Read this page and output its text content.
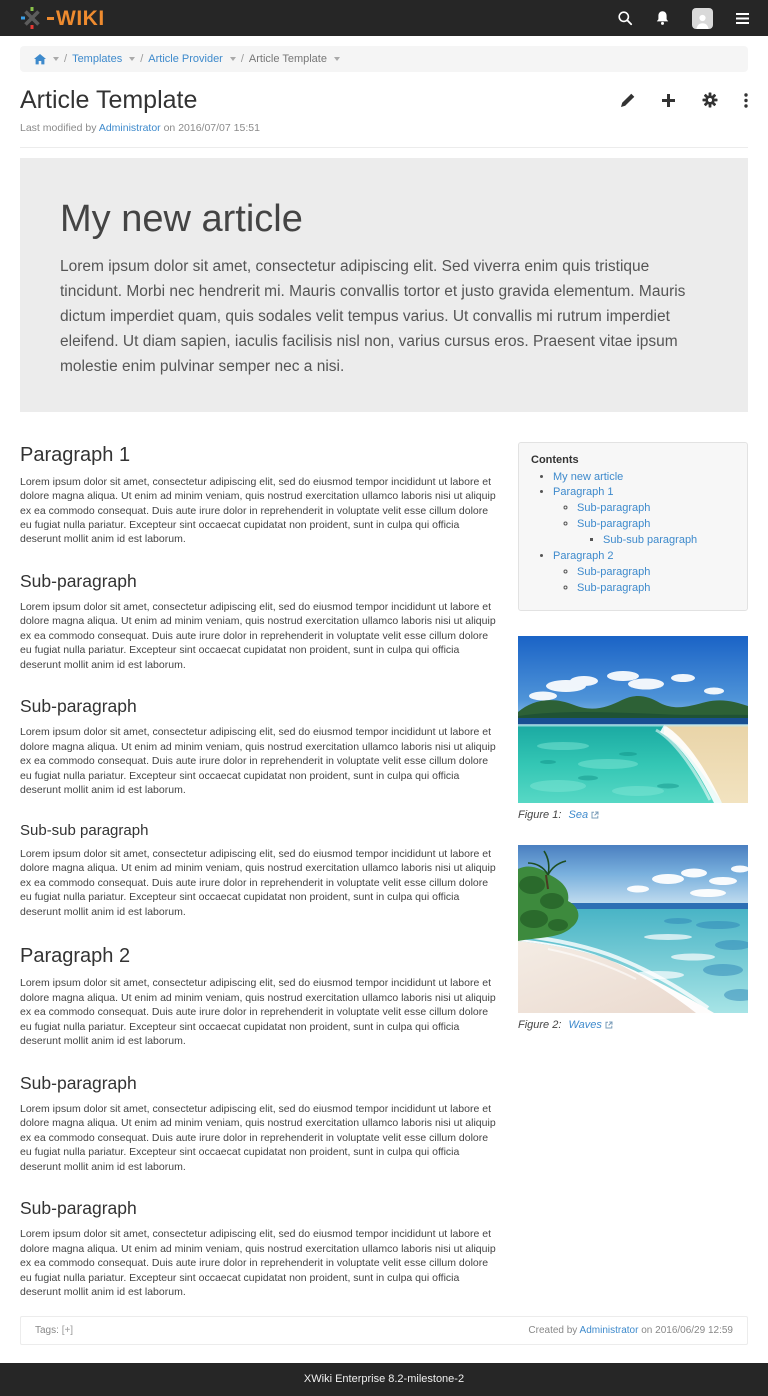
WIKI
/ Templates / Article Provider / Article Template
Article Template
Last modified by Administrator on 2016/07/07 15:51
My new article

Lorem ipsum dolor sit amet, consectetur adipiscing elit. Sed viverra enim quis tristique tincidunt. Morbi nec hendrerit mi. Mauris convallis tortor et justo gravida elementum. Mauris dictum imperdiet quam, quis sodales velit tempus varius. Ut convallis mi rutrum imperdiet eleifend. Ut diam sapien, iaculis facilisis nisl non, varius cursus eros. Praesent vitae ipsum molestie enim pulvinar semper nec a nisi.

Paragraph 1

Lorem ipsum dolor sit amet, consectetur adipiscing elit, sed do eiusmod tempor incididunt ut labore et dolore magna aliqua. Ut enim ad minim veniam, quis nostrud exercitation ullamco laboris nisi ut aliquip ex ea commodo consequat. Duis aute irure dolor in reprehenderit in voluptate velit esse cillum dolore eu fugiat nulla pariatur. Excepteur sint occaecat cupidatat non proident, sunt in culpa qui officia deserunt mollit anim id est laborum.

Sub-paragraph

Lorem ipsum dolor sit amet, consectetur adipiscing elit, sed do eiusmod tempor incididunt ut labore et dolore magna aliqua. Ut enim ad minim veniam, quis nostrud exercitation ullamco laboris nisi ut aliquip ex ea commodo consequat. Duis aute irure dolor in reprehenderit in voluptate velit esse cillum dolore eu fugiat nulla pariatur. Excepteur sint occaecat cupidatat non proident, sunt in culpa qui officia deserunt mollit anim id est laborum.

Sub-paragraph

Lorem ipsum dolor sit amet, consectetur adipiscing elit, sed do eiusmod tempor incididunt ut labore et dolore magna aliqua. Ut enim ad minim veniam, quis nostrud exercitation ullamco laboris nisi ut aliquip ex ea commodo consequat. Duis aute irure dolor in reprehenderit in voluptate velit esse cillum dolore eu fugiat nulla pariatur. Excepteur sint occaecat cupidatat non proident, sunt in culpa qui officia deserunt mollit anim id est laborum.

Sub-sub paragraph

Lorem ipsum dolor sit amet, consectetur adipiscing elit, sed do eiusmod tempor incididunt ut labore et dolore magna aliqua. Ut enim ad minim veniam, quis nostrud exercitation ullamco laboris nisi ut aliquip ex ea commodo consequat. Duis aute irure dolor in reprehenderit in voluptate velit esse cillum dolore eu fugiat nulla pariatur. Excepteur sint occaecat cupidatat non proident, sunt in culpa qui officia deserunt mollit anim id est laborum.

Paragraph 2

Lorem ipsum dolor sit amet, consectetur adipiscing elit, sed do eiusmod tempor incididunt ut labore et dolore magna aliqua. Ut enim ad minim veniam, quis nostrud exercitation ullamco laboris nisi ut aliquip ex ea commodo consequat. Duis aute irure dolor in reprehenderit in voluptate velit esse cillum dolore eu fugiat nulla pariatur. Excepteur sint occaecat cupidatat non proident, sunt in culpa qui officia deserunt mollit anim id est laborum.

Sub-paragraph

Lorem ipsum dolor sit amet, consectetur adipiscing elit, sed do eiusmod tempor incididunt ut labore et dolore magna aliqua. Ut enim ad minim veniam, quis nostrud exercitation ullamco laboris nisi ut aliquip ex ea commodo consequat. Duis aute irure dolor in reprehenderit in voluptate velit esse cillum dolore eu fugiat nulla pariatur. Excepteur sint occaecat cupidatat non proident, sunt in culpa qui officia deserunt mollit anim id est laborum.

Sub-paragraph

Lorem ipsum dolor sit amet, consectetur adipiscing elit, sed do eiusmod tempor incididunt ut labore et dolore magna aliqua. Ut enim ad minim veniam, quis nostrud exercitation ullamco laboris nisi ut aliquip ex ea commodo consequat. Duis aute irure dolor in reprehenderit in voluptate velit esse cillum dolore eu fugiat nulla pariatur. Excepteur sint occaecat cupidatat non proident, sunt in culpa qui officia deserunt mollit anim id est laborum.

Contents
• My new article
• Paragraph 1
◦ Sub-paragraph
◦ Sub-paragraph
▪ Sub-sub paragraph
• Paragraph 2
◦ Sub-paragraph
◦ Sub-paragraph
Figure 1:
Sea
Figure 2:
Waves
Tags: [+]	Created by Administrator on 2016/06/29 12:59
XWiki Enterprise 8.2-milestone-2
